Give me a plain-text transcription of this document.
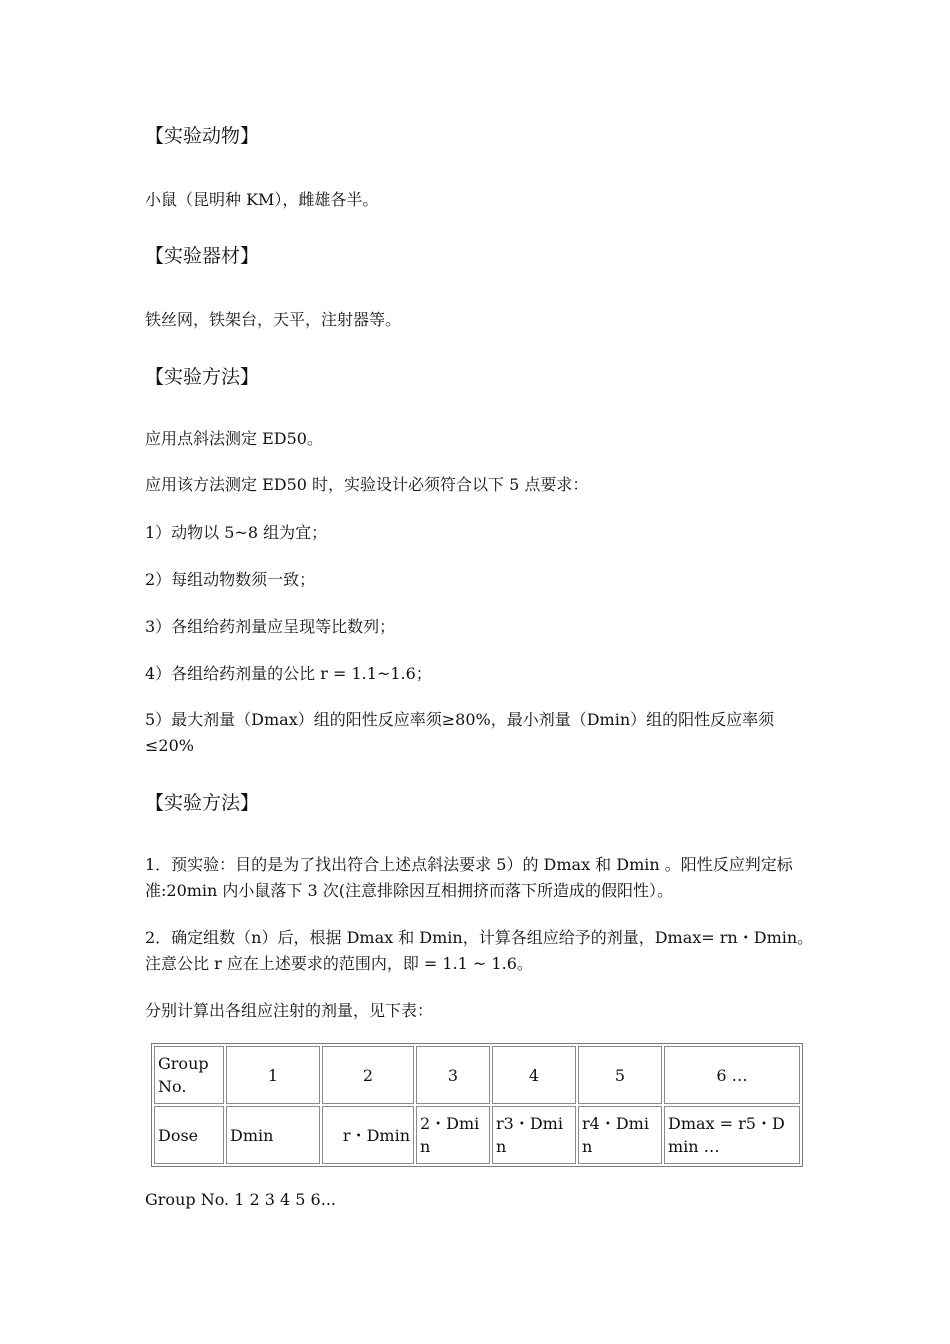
【实验动物】

小鼠（昆明种 KM），雌雄各半。

【实验器材】

铁丝网，铁架台，天平，注射器等。

【实验方法】

应用点斜法测定 ED50。

应用该方法测定 ED50 时，实验设计必须符合以下 5 点要求：

1）动物以 5~8 组为宜；

2）每组动物数须一致；

3）各组给药剂量应呈现等比数列；

4）各组给药剂量的公比 r = 1.1~1.6；

5）最大剂量（Dmax）组的阳性反应率须≥80%，最小剂量（Dmin）组的阳性反应率须≤20%

【实验方法】

1．预实验：目的是为了找出符合上述点斜法要求 5）的 Dmax 和 Dmin 。阳性反应判定标准:20min 内小鼠落下 3 次(注意排除因互相拥挤而落下所造成的假阳性）。

2．确定组数（n）后，根据 Dmax 和 Dmin，计算各组应给予的剂量，Dmax= rn・Dmin。注意公比 r 应在上述要求的范围内，即 = 1.1 ~ 1.6。

分别计算出各组应注射的剂量，见下表：

Group No.	1	2	3	4	5	6 …
Dose	Dmin	r・Dmin	2・Dmi n	r3・Dmin	r4・Dmin	Dmax = r5・Dmin …

Group No. 1 2 3 4 5 6...
